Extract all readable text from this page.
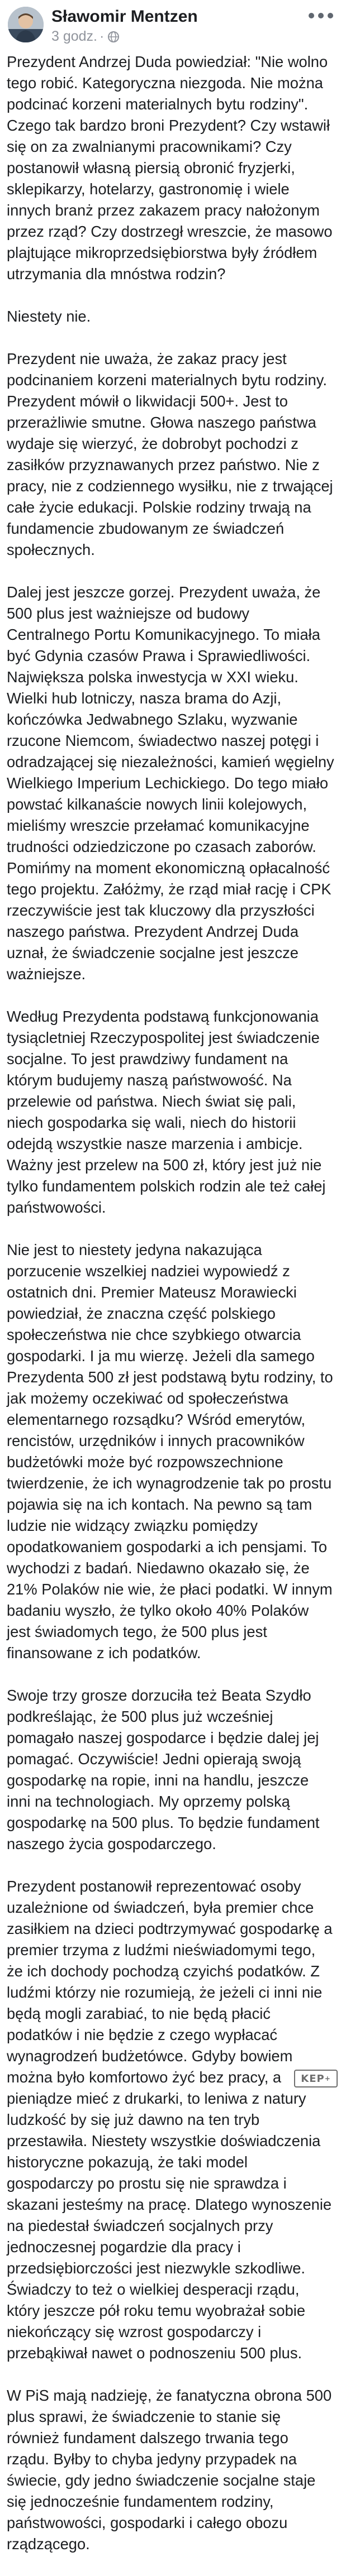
Sławomir Mentzen
3 godz. ·

Prezydent Andrzej Duda powiedział: "Nie wolno tego robić. Kategoryczna niezgoda. Nie można podcinać korzeni materialnych bytu rodziny". Czego tak bardzo broni Prezydent? Czy wstawił się on za zwalnianymi pracownikami? Czy postanowił własną piersią obronić fryzjerki, sklepikarzy, hotelarzy, gastronomię i wiele innych branż przez zakazem pracy nałożonym przez rząd? Czy dostrzegł wreszcie, że masowo plajtujące mikroprzedsiębiorstwa były źródłem utrzymania dla mnóstwa rodzin?

Niestety nie.

Prezydent nie uważa, że zakaz pracy jest podcinaniem korzeni materialnych bytu rodziny. Prezydent mówił o likwidacji 500+. Jest to przerażliwie smutne. Głowa naszego państwa wydaje się wierzyć, że dobrobyt pochodzi z zasiłków przyznawanych przez państwo. Nie z pracy, nie z codziennego wysiłku, nie z trwającej całe życie edukacji. Polskie rodziny trwają na fundamencie zbudowanym ze świadczeń społecznych.

Dalej jest jeszcze gorzej. Prezydent uważa, że 500 plus jest ważniejsze od budowy Centralnego Portu Komunikacyjnego. To miała być Gdynia czasów Prawa i Sprawiedliwości. Największa polska inwestycja w XXI wieku. Wielki hub lotniczy, nasza brama do Azji, kończówka Jedwabnego Szlaku, wyzwanie rzucone Niemcom, świadectwo naszej potęgi i odradzającej się niezależności, kamień węgielny Wielkiego Imperium Lechickiego. Do tego miało powstać kilkanaście nowych linii kolejowych, mieliśmy wreszcie przełamać komunikacyjne trudności odziedziczone po czasach zaborów. Pomińmy na moment ekonomiczną opłacalność tego projektu. Załóżmy, że rząd miał rację i CPK rzeczywiście jest tak kluczowy dla przyszłości naszego państwa. Prezydent Andrzej Duda uznał, że świadczenie socjalne jest jeszcze ważniejsze.

Według Prezydenta podstawą funkcjonowania tysiącletniej Rzeczypospolitej jest świadczenie socjalne. To jest prawdziwy fundament na którym budujemy naszą państwowość. Na przelewie od państwa. Niech świat się pali, niech gospodarka się wali, niech do historii odejdą wszystkie nasze marzenia i ambicje. Ważny jest przelew na 500 zł, który jest już nie tylko fundamentem polskich rodzin ale też całej państwowości.

Nie jest to niestety jedyna nakazująca porzucenie wszelkiej nadziei wypowiedź z ostatnich dni. Premier Mateusz Morawiecki powiedział, że znaczna część polskiego społeczeństwa nie chce szybkiego otwarcia gospodarki. I ja mu wierzę. Jeżeli dla samego Prezydenta 500 zł jest podstawą bytu rodziny, to jak możemy oczekiwać od społeczeństwa elementarnego rozsądku? Wśród emerytów, rencistów, urzędników i innych pracowników budżetówki może być rozpowszechnione twierdzenie, że ich wynagrodzenie tak po prostu pojawia się na ich kontach. Na pewno są tam ludzie nie widzący związku pomiędzy opodatkowaniem gospodarki a ich pensjami. To wychodzi z badań. Niedawno okazało się, że 21% Polaków nie wie, że płaci podatki. W innym badaniu wyszło, że tylko około 40% Polaków jest świadomych tego, że 500 plus jest finansowane z ich podatków.

Swoje trzy grosze dorzuciła też Beata Szydło podkreślając, że 500 plus już wcześniej pomagało naszej gospodarce i będzie dalej jej pomagać. Oczywiście! Jedni opierają swoją gospodarkę na ropie, inni na handlu, jeszcze inni na technologiach. My oprzemy polską gospodarkę na 500 plus. To będzie fundament naszego życia gospodarczego.

Prezydent postanowił reprezentować osoby uzależnione od świadczeń, była premier chce zasiłkiem na dzieci podtrzymywać gospodarkę a premier trzyma z ludźmi nieświadomymi tego, że ich dochody pochodzą czyichś podatków. Z ludźmi którzy nie rozumieją, że jeżeli ci inni nie będą mogli zarabiać, to nie będą płacić podatków i nie będzie z czego wypłacać wynagrodzeń budżetówce. Gdyby bowiem można było komfortowo żyć bez pracy, a pieniądze mieć z drukarki, to leniwa z natury ludzkość by się już dawno na ten tryb przestawiła. Niestety wszystkie doświadczenia historyczne pokazują, że taki model gospodarczy po prostu się nie sprawdza i skazani jesteśmy na pracę. Dlatego wynoszenie na piedestał świadczeń socjalnych przy jednoczesnej pogardzie dla pracy i przedsiębiorczości jest niezwykle szkodliwe. Świadczy to też o wielkiej desperacji rządu, który jeszcze pół roku temu wyobrażał sobie niekończący się wzrost gospodarczy i przebąkiwał nawet o podnoszeniu 500 plus.

W PiS mają nadzieję, że fanatyczna obrona 500 plus sprawi, że świadczenie to stanie się również fundament dalszego trwania tego rządu. Byłby to chyba jedyny przypadek na świecie, gdy jedno świadczenie socjalne staje się jednocześnie fundamentem rodziny, państwowości, gospodarki i całego obozu rządzącego.

KEP +
